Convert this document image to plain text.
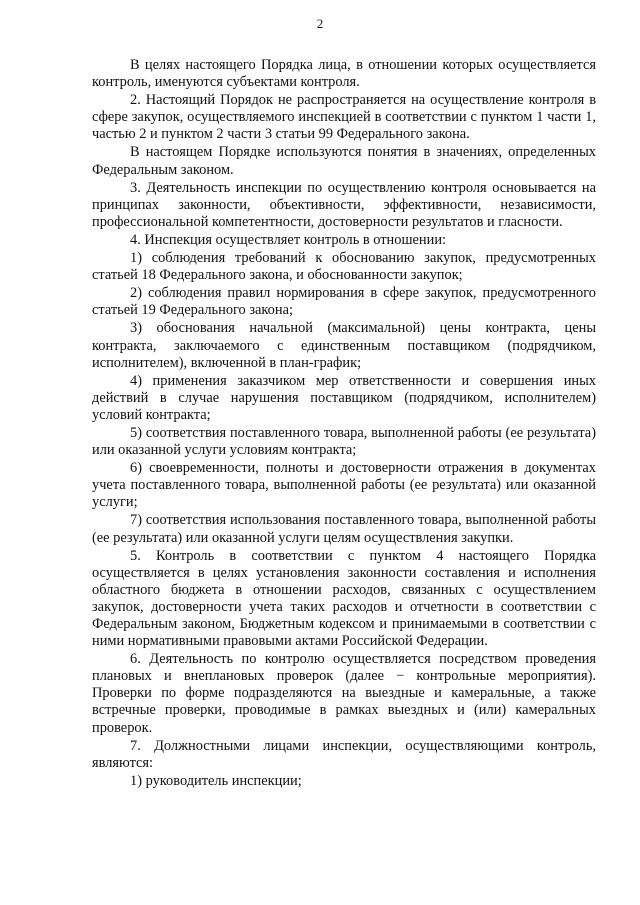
2

В целях настоящего Порядка лица, в отношении которых осуществляется контроль, именуются субъектами контроля.

2. Настоящий Порядок не распространяется на осуществление контроля в сфере закупок, осуществляемого инспекцией в соответствии с пунктом 1 части 1, частью 2 и пунктом 2 части 3 статьи 99 Федерального закона.

В настоящем Порядке используются понятия в значениях, определенных Федеральным законом.

3. Деятельность инспекции по осуществлению контроля основывается на принципах законности, объективности, эффективности, независимости, профессиональной компетентности, достоверности результатов и гласности.

4. Инспекция осуществляет контроль в отношении:

1) соблюдения требований к обоснованию закупок, предусмотренных статьей 18 Федерального закона, и обоснованности закупок;

2) соблюдения правил нормирования в сфере закупок, предусмотренного статьей 19 Федерального закона;

3) обоснования начальной (максимальной) цены контракта, цены контракта, заключаемого с единственным поставщиком (подрядчиком, исполнителем), включенной в план-график;

4) применения заказчиком мер ответственности и совершения иных действий в случае нарушения поставщиком (подрядчиком, исполнителем) условий контракта;

5) соответствия поставленного товара, выполненной работы (ее результата) или оказанной услуги условиям контракта;

6) своевременности, полноты и достоверности отражения в документах учета поставленного товара, выполненной работы (ее результата) или оказанной услуги;

7) соответствия использования поставленного товара, выполненной работы (ее результата) или оказанной услуги целям осуществления закупки.

5. Контроль в соответствии с пунктом 4 настоящего Порядка осуществляется в целях установления законности составления и исполнения областного бюджета в отношении расходов, связанных с осуществлением закупок, достоверности учета таких расходов и отчетности в соответствии с Федеральным законом, Бюджетным кодексом и принимаемыми в соответствии с ними нормативными правовыми актами Российской Федерации.

6. Деятельность по контролю осуществляется посредством проведения плановых и внеплановых проверок (далее − контрольные мероприятия). Проверки по форме подразделяются на выездные и камеральные, а также встречные проверки, проводимые в рамках выездных и (или) камеральных проверок.

7. Должностными лицами инспекции, осуществляющими контроль, являются:

1) руководитель инспекции;
